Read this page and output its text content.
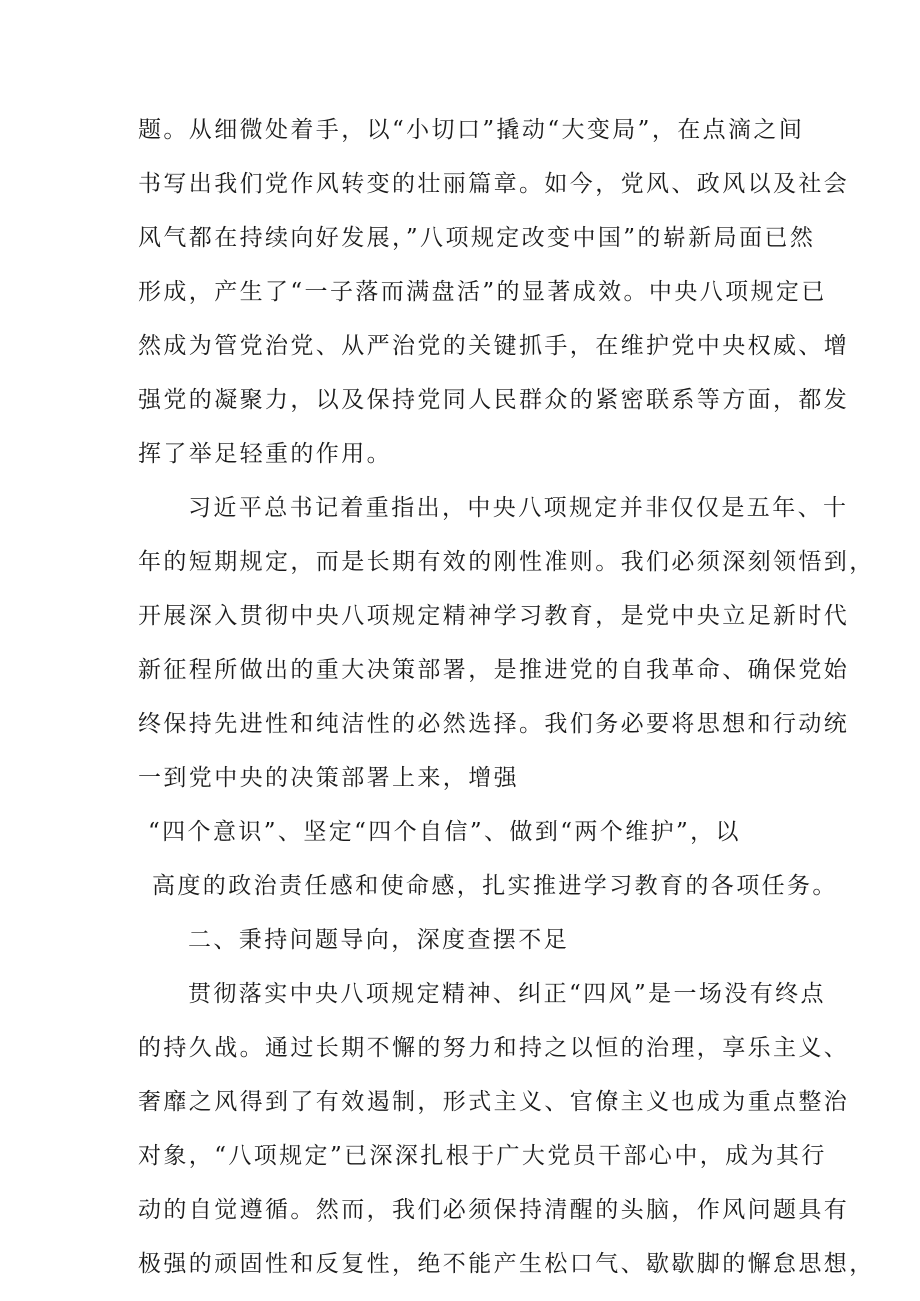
题。从细微处着手，以“小切口”撬动“大变局”，在点滴之间
书写出我们党作风转变的壮丽篇章。如今，党风、政风以及社会
风气都在持续向好发展，”八项规定改变中国”的崭新局面已然
形成，产生了“一子落而满盘活”的显著成效。中央八项规定已
然成为管党治党、从严治党的关键抓手，在维护党中央权威、增
强党的凝聚力，以及保持党同人民群众的紧密联系等方面，都发
挥了举足轻重的作用。
习近平总书记着重指出，中央八项规定并非仅仅是五年、十
年的短期规定，而是长期有效的刚性准则。我们必须深刻领悟到，
开展深入贯彻中央八项规定精神学习教育，是党中央立足新时代
新征程所做出的重大决策部署，是推进党的自我革命、确保党始
终保持先进性和纯洁性的必然选择。我们务必要将思想和行动统
一到党中央的决策部署上来，增强
“四个意识”、坚定“四个自信”、做到“两个维护”，以
高度的政治责任感和使命感，扎实推进学习教育的各项任务。
二、秉持问题导向，深度查摆不足
贯彻落实中央八项规定精神、纠正“四风”是一场没有终点
的持久战。通过长期不懈的努力和持之以恒的治理，享乐主义、
奢靡之风得到了有效遏制，形式主义、官僚主义也成为重点整治
对象，“八项规定”已深深扎根于广大党员干部心中，成为其行
动的自觉遵循。然而，我们必须保持清醒的头脑，作风问题具有
极强的顽固性和反复性，绝不能产生松口气、歇歇脚的懈怠思想，
